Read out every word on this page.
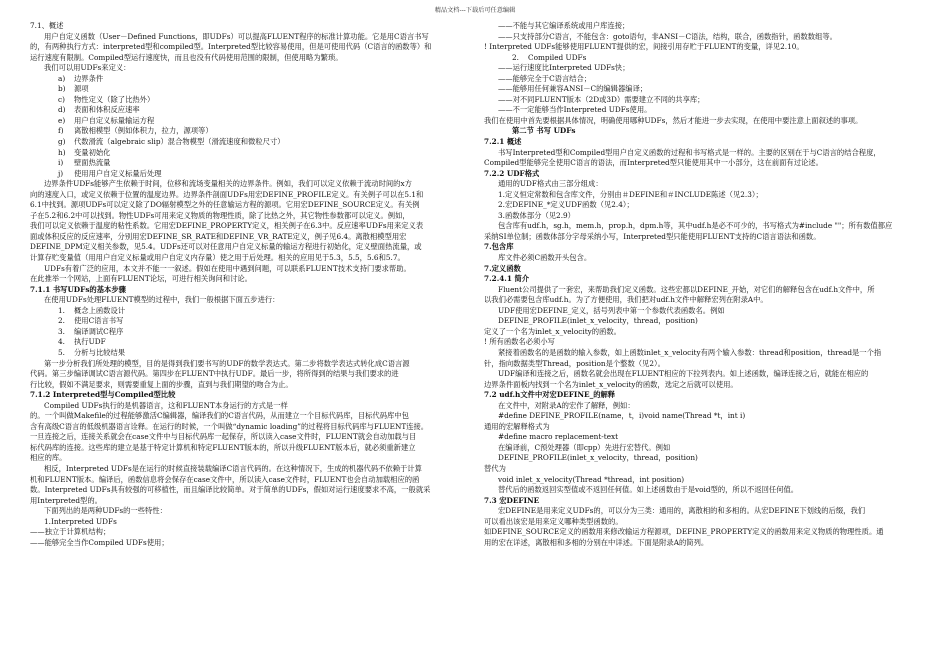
精品文档---下载后可任意编辑

7.1、概述

用户自定义函数（User－Defined Functions，即UDFs）可以提高FLUENT程序的标准计算功能。它是用C语言书写

的，有两种执行方式：interpreted型和compiled型。Interpreted型比较容易使用，但是可使用代码（C语言的函数等）和

运行速度有限制。Compiled型运行速度快，而且也没有代码使用范围的限制，但使用略为繁琐。

我们可以用UDFs来定义：

a) 边界条件

b) 源项

c) 物性定义（除了比热外）

d) 表面和体积反应速率

e) 用户自定义标量输运方程

f) 离散相模型（例如体积力，拉力，源项等）

g) 代数滑流（algebraic slip）混合物模型（滑流速度和微粒尺寸）

h) 变量初始化

i) 壁面热流量

j) 使用用户自定义标量后处理

边界条件UDFs能够产生依赖于时间，位移和流场变量相关的边界条件。例如，我们可以定义依赖于流动时间的x方

向的速度入口，或定义依赖于位置的温度边界。边界条件剖面UDFs用宏DEFINE_PROFILE定义。有关例子可以在5.1和

6.1中找到。源项UDFs可以定义除了DO辐射模型之外的任意输运方程的源项。它用宏DEFINE_SOURCE定义。有关例

子在5.2和6.2中可以找到。物性UDFs可用来定义物质的物理性质，除了比热之外，其它物性参数都可以定义。例如，

我们可以定义依赖于温度的粘性系数。它用宏DEFINE_PROPERTY定义，相关例子在6.3中。反应速率UDFs用来定义表

面或体积反应的反应速率，分别用宏DEFINE_SR_RATE和DEFINE_VR_RATE定义，例子见6.4。离散相模型用宏

DEFINE_DPM定义相关参数，见5.4。UDFs还可以对任意用户自定义标量的输运方程进行初始化，定义壁面热流量，或

计算存贮变量值（用用户自定义标量或用户自定义内存量）使之用于后处理。相关的应用见于5.3，5.5，5.6和5.7。

UDFs有着广泛的应用，本文并不能一一叙述。假如在使用中遇到问题，可以联系FLUENT技术支持门要求帮助。

在此推举一个网站，上面有FLUENT论坛，可进行相关询问和讨论。

7.1.1 书写UDFs的基本步骤

在使用UDFs处理FLUENT模型的过程中，我们一般根据下面五步进行：

1. 概念上函数设计

2. 使用C语言书写

3. 编译调试C程序

4. 执行UDF

5. 分析与比较结果

第一步分析我们所处理的模型，目的是得到我们要书写的UDF的数学表达式。第二步将数学表达式转化成C语言源

代码。第三步编译调试C语言源代码。第四步在FLUENT中执行UDF。最后一步，将所得到的结果与我们要求的进

行比较，假如不满足要求，则需要重复上面的步骤，直到与我们期望的吻合为止。

7.1.2 Interpreted型与Compiled型比较

Compiled UDFs执行的是机器语言，这和FLUENT本身运行的方式是一样

的。一个叫做Makefile的过程能够激活C编辑器，编译我们的C语言代码，从而建立一个目标代码库，目标代码库中包

含有高级C语言的低级机器语言诠释。在运行的时候，一个叫做“dynamic loading”的过程将目标代码库与FLUENT连接。

一旦连接之后，连接关系就会在case文件中与目标代码库一起保存，所以读入case文件时，FLUENT就会自动加载与目

标代码库的连接。这些库的建立是基于特定计算机和特定FLUENT版本的，所以升级FLUENT版本后，就必须重新建立

相应的库。

相反，Interpreted UDFs是在运行的时候直接装载编译C语言代码的。在这种情况下，生成的机器代码不依赖于计算

机和FLUENT版本。编译后，函数信息将会保存在case文件中，所以读入case文件时，FLUENT也会自动加载相应的函

数。Interpreted UDFs具有较强的可移植性，而且编译比较简单。对于简单的UDFs，假如对运行速度要求不高，一般就采

用Interpreted型的。

下面列出的是两种UDFs的一些特性：

1.Interpreted UDFs

——独立于计算机结构；

——能够完全当作Compiled UDFs使用；

——不能与其它编译系统或用户库连接；

——只支持部分C语言，不能包含：goto语句，非ANSI－C语法，结构，联合，函数指针，函数数组等。

! Interpreted UDFs能够使用FLUENT提供的宏，间接引用存贮于FLUENT的变量，详见2.10。

2. Compiled UDFs

——运行速度比Interpreted UDFs快；

——能够完全于C语言结合；

——能够用任何兼容ANSI－C的编辑器编译；

——对不同FLUENT版本（2D或3D）需要建立不同的共享库；

——不一定能够当作Interpreted UDFs使用。

我们在使用中首先要根据具体情况，明确使用哪种UDFs，然后才能进一步去实现，在使用中要注意上面叙述的事项。

第二节 书写 UDFs

7.2.1 概述

书写Interpreted型和Compiled型用户自定义函数的过程和书写格式是一样的。主要的区别在于与C语言的结合程度，

Compiled型能够完全使用C语言的语法，而Interpreted型只能使用其中一小部分，这在前面有过论述。

7.2.2 UDF格式

通用的UDF格式由三部分组成：

1.定义恒定常数和包含库文件，分别由＃DEFINE和＃INCLUDE陈述（见2.3）；

2.宏DEFINE_*定义UDF函数（见2.4）；

3.函数体部分（见2.9）

包含库有udf.h，sg.h，mem.h，prop.h，dpm.h等，其中udf.h是必不可少的，书写格式为#include ""；所有数值都应

采纳SI单位制；函数体部分字母采纳小写，Interpreted型只能使用FLUENT支持的C语言语法和函数。

7.包含库

库文件必须C函数开头包含。

7.定义函数

7.2.4.1 简介

Fluent公司提供了一套宏，来帮助我们定义函数。这些宏都以DEFINE_开始，对它们的解释包含在udf.h文件中，所

以我们必需要包含库udf.h。为了方便使用，我们把对udf.h文件中解释宏列在附录A中。

UDF使用宏DEFINE_定义，括号列表中第一个参数代表函数名。例如

DEFINE_PROFILE(inlet_x_velocity，thread，position)

定义了一个名为inlet_x_velocity的函数。

! 所有函数名必须小写

紧接着函数名的是函数的输入参数，如上函数inlet_x_velocity有两个输入参数：thread和position，thread是一个指

针，指向数据类型Thread，position是个整数（见2）。

UDF编译和连接之后，函数名就会出现在FLUENT相应的下拉列表内。如上述函数，编译连接之后，就能在相应的

边界条件面板内找到一个名为inlet_x_velocity的函数，选定之后就可以使用。

7.2 udf.h文件中对宏DEFINE_的解释

在文件中，对附录A的宏作了解释，例如：

#define DEFINE_PROFILE(name，t，i)void name(Thread *t，int i)

通用的宏解释格式为

#define macro replacement-text

在编译前，C预处理器（即cpp）先进行宏替代。例如

DEFINE_PROFILE(inlet_x_velocity，thread，position)

替代为

void inlet_x_velocity(Thread *thread，int position)

替代后的函数返回实型值或不返回任何值。如上述函数由于是void型的，所以不返回任何值。

7.3 宏DEFINE

宏DEFINE是用来定义UDFs的，可以分为三类：通用的，离散相的和多相的。从宏DEFINE下划线的后缀，我们

可以看出该宏是用来定义哪种类型函数的。

如DEFINE_SOURCE定义的函数用来修改输运方程源项，DEFINE_PROPERTY定义的函数用来定义物质的物理性质。通

用的宏在详述，离散相和多相的分别在中详述。下面是附录A的简列。
